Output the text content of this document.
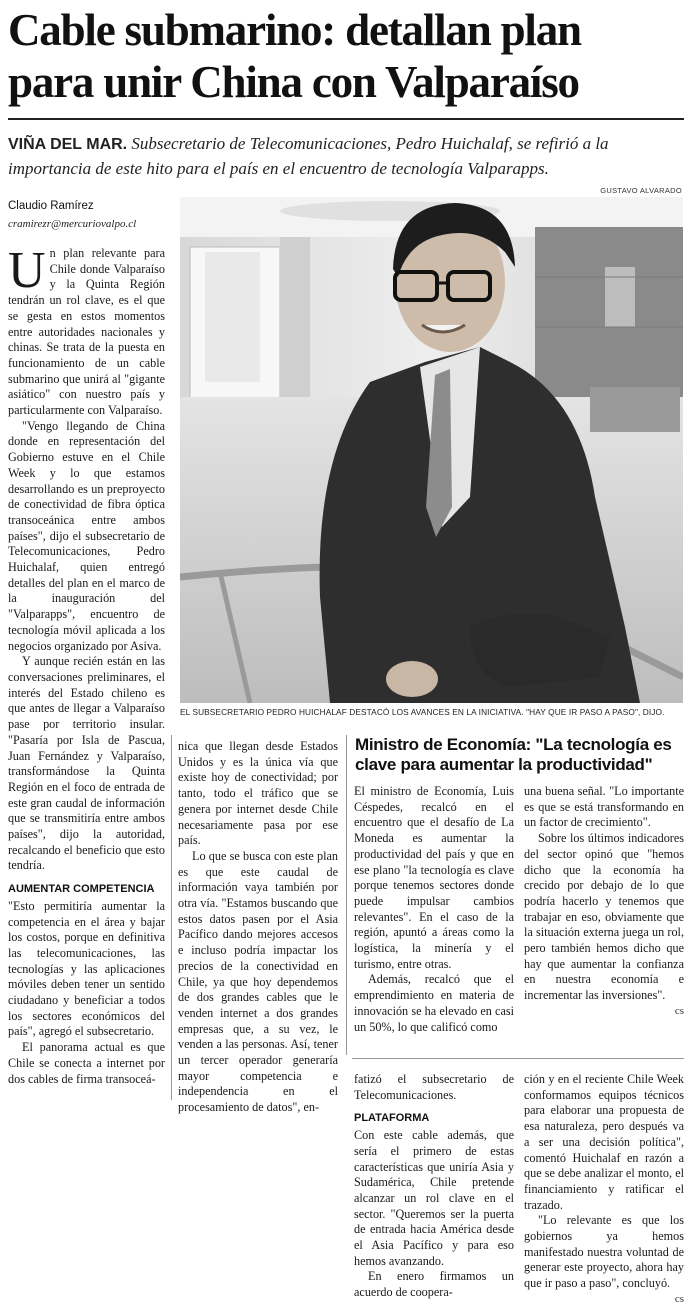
Cable submarino: detallan plan
para unir China con Valparaíso
VIÑA DEL MAR. Subsecretario de Telecomunicaciones, Pedro Huichalaf, se refirió a la importancia de este hito para el país en el encuentro de tecnología Valparapps.
GUSTAVO ALVARADO
Claudio Ramírez
cramirezr@mercuriovalpo.cl
EL SUBSECRETARIO PEDRO HUICHALAF DESTACÓ LOS AVANCES EN LA INICIATIVA. "HAY QUE IR PASO A PASO", DIJO.

Un plan relevante para Chile donde Valparaíso y la Quinta Región tendrán un rol clave, es el que se gesta en estos momentos entre autoridades nacionales y chinas. Se trata de la puesta en funcionamiento de un cable submarino que unirá al "gigante asiático" con nuestro país y particularmente con Valparaíso.

"Vengo llegando de China donde en representación del Gobierno estuve en el Chile Week y lo que estamos desarrollando es un preproyecto de conectividad de fibra óptica transoceánica entre ambos países", dijo el subsecretario de Telecomunicaciones, Pedro Huichalaf, quien entregó detalles del plan en el marco de la inauguración del "Valparapps", encuentro de tecnología móvil aplicada a los negocios organizado por Asiva.

Y aunque recién están en las conversaciones preliminares, el interés del Estado chileno es que antes de llegar a Valparaíso pase por territorio insular. "Pasaría por Isla de Pascua, Juan Fernández y Valparaíso, transformándose la Quinta Región en el foco de entrada de este gran caudal de información que se transmitiría entre ambos países", dijo la autoridad, recalcando el beneficio que esto tendría.

AUMENTAR COMPETENCIA

"Esto permitiría aumentar la competencia en el área y bajar los costos, porque en definitiva las telecomunicaciones, las tecnologías y las aplicaciones móviles deben tener un sentido ciudadano y beneficiar a todos los sectores económicos del país", agregó el subsecretario.

El panorama actual es que Chile se conecta a internet por dos cables de firma transoceá-

nica que llegan desde Estados Unidos y es la única vía que existe hoy de conectividad; por tanto, todo el tráfico que se genera por internet desde Chile necesariamente pasa por ese país.

Lo que se busca con este plan es que este caudal de información vaya también por otra vía. "Estamos buscando que estos datos pasen por el Asia Pacífico dando mejores accesos e incluso podría impactar los precios de la conectividad en Chile, ya que hoy dependemos de dos grandes cables que le venden internet a dos grandes empresas que, a su vez, le venden a las personas. Así, tener un tercer operador generaría mayor competencia e independencia en el procesamiento de datos", en-

Ministro de Economía: "La tecnología es clave para aumentar la productividad"

El ministro de Economía, Luis Céspedes, recalcó en el encuentro que el desafío de La Moneda es aumentar la productividad del país y que en ese plano "la tecnología es clave porque tenemos sectores donde puede impulsar cambios relevantes". En el caso de la región, apuntó a áreas como la logística, la minería y el turismo, entre otras.

Además, recalcó que el emprendimiento en materia de innovación se ha elevado en casi un 50%, lo que calificó como

una buena señal. "Lo importante es que se está transformando en un factor de crecimiento".

Sobre los últimos indicadores del sector opinó que "hemos dicho que la economía ha crecido por debajo de lo que podría hacerlo y tenemos que trabajar en eso, obviamente que la situación externa juega un rol, pero también hemos dicho que hay que aumentar la confianza en nuestra economía e incrementar las inversiones".

cs

fatizó el subsecretario de Telecomunicaciones.

PLATAFORMA

Con este cable además, que sería el primero de estas características que uniría Asia y Sudamérica, Chile pretende alcanzar un rol clave en el sector. "Queremos ser la puerta de entrada hacia América desde el Asia Pacífico y para eso hemos avanzando.

En enero firmamos un acuerdo de coopera-

ción y en el reciente Chile Week conformamos equipos técnicos para elaborar una propuesta de esa naturaleza, pero después va a ser una decisión política", comentó Huichalaf en razón a que se debe analizar el monto, el financiamiento y ratificar el trazado.

"Lo relevante es que los gobiernos ya hemos manifestado nuestra voluntad de generar este proyecto, ahora hay que ir paso a paso", concluyó.

cs
